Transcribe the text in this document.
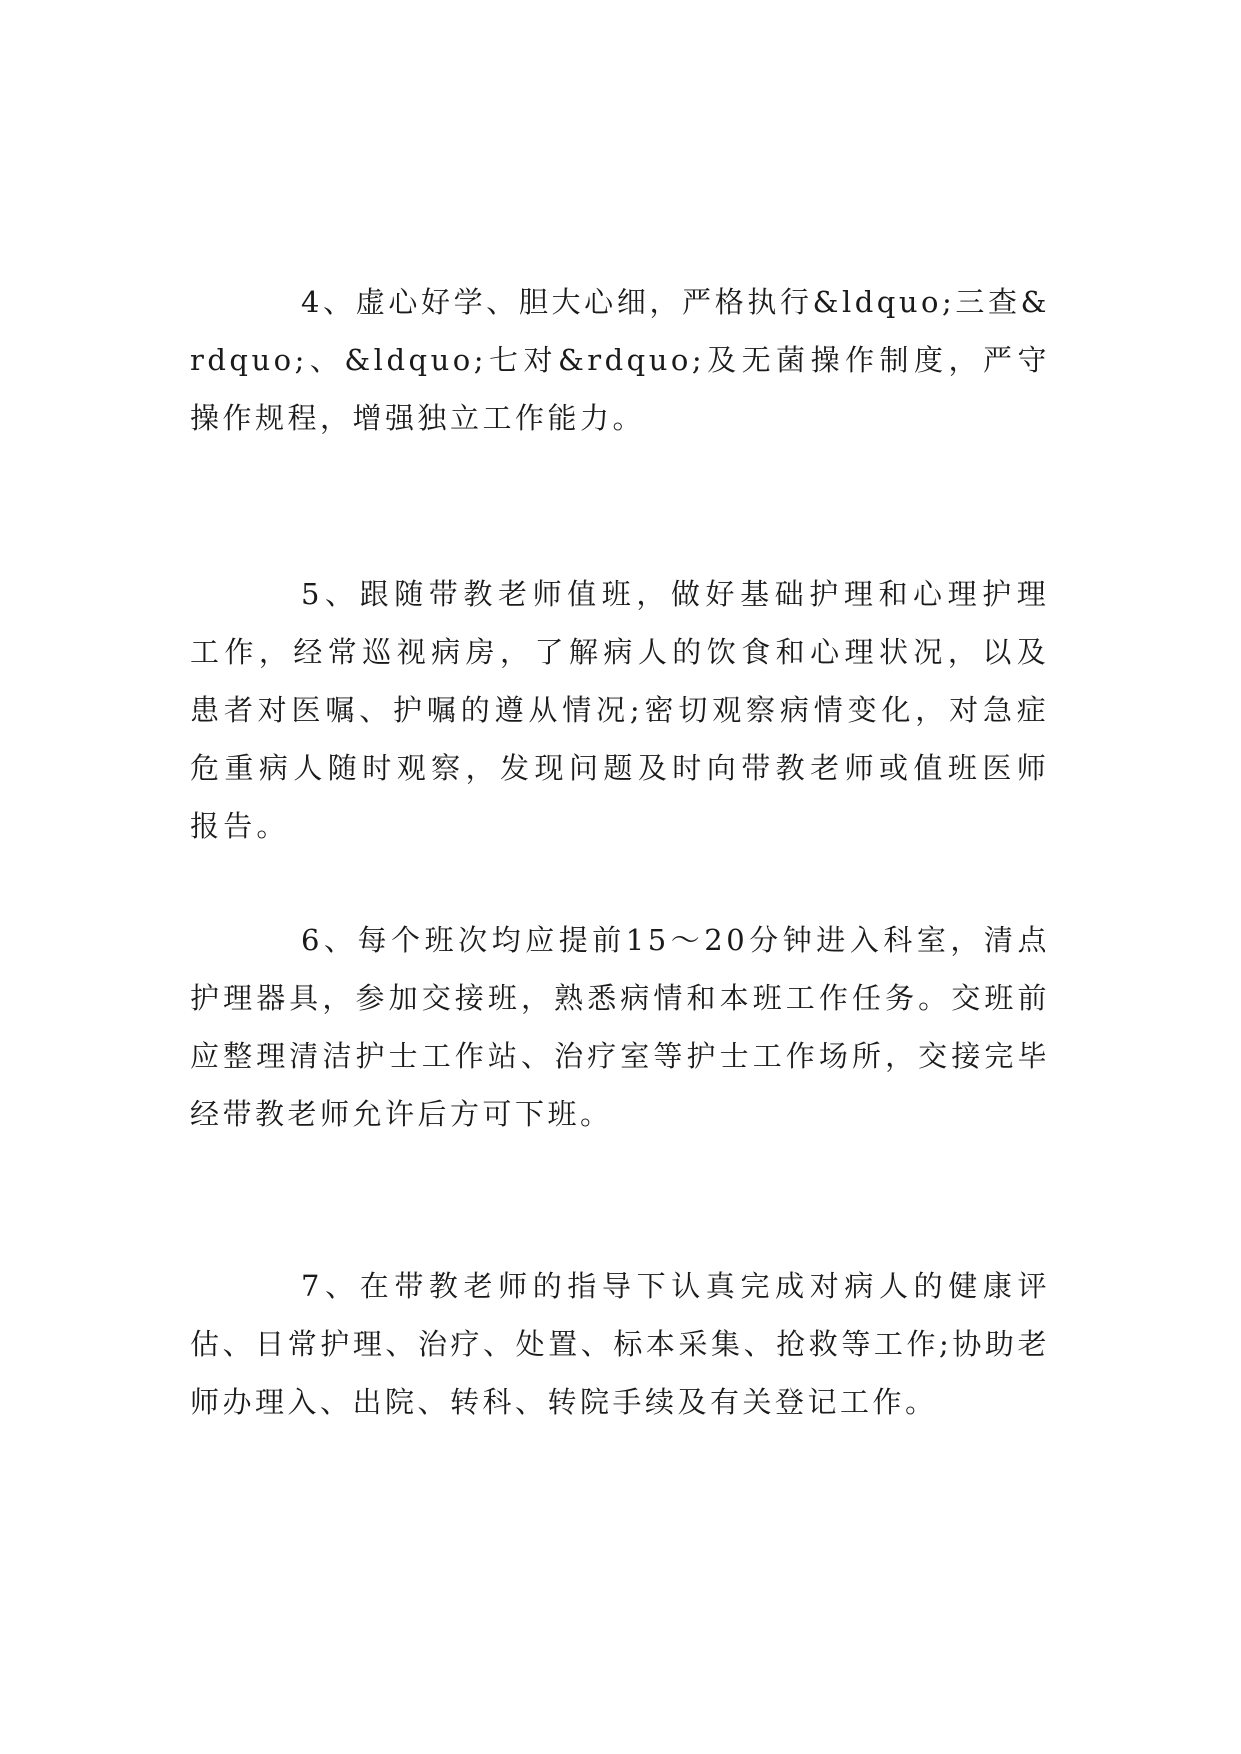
4、虚心好学、胆大心细，严格执行&ldquo;三查&rdquo;、&ldquo;七对&rdquo;及无菌操作制度，严守操作规程，增强独立工作能力。

5、跟随带教老师值班，做好基础护理和心理护理工作，经常巡视病房，了解病人的饮食和心理状况，以及患者对医嘱、护嘱的遵从情况;密切观察病情变化，对急症危重病人随时观察，发现问题及时向带教老师或值班医师报告。

6、每个班次均应提前15～20分钟进入科室，清点护理器具，参加交接班，熟悉病情和本班工作任务。交班前应整理清洁护士工作站、治疗室等护士工作场所，交接完毕经带教老师允许后方可下班。

7、在带教老师的指导下认真完成对病人的健康评估、日常护理、治疗、处置、标本采集、抢救等工作;协助老师办理入、出院、转科、转院手续及有关登记工作。
